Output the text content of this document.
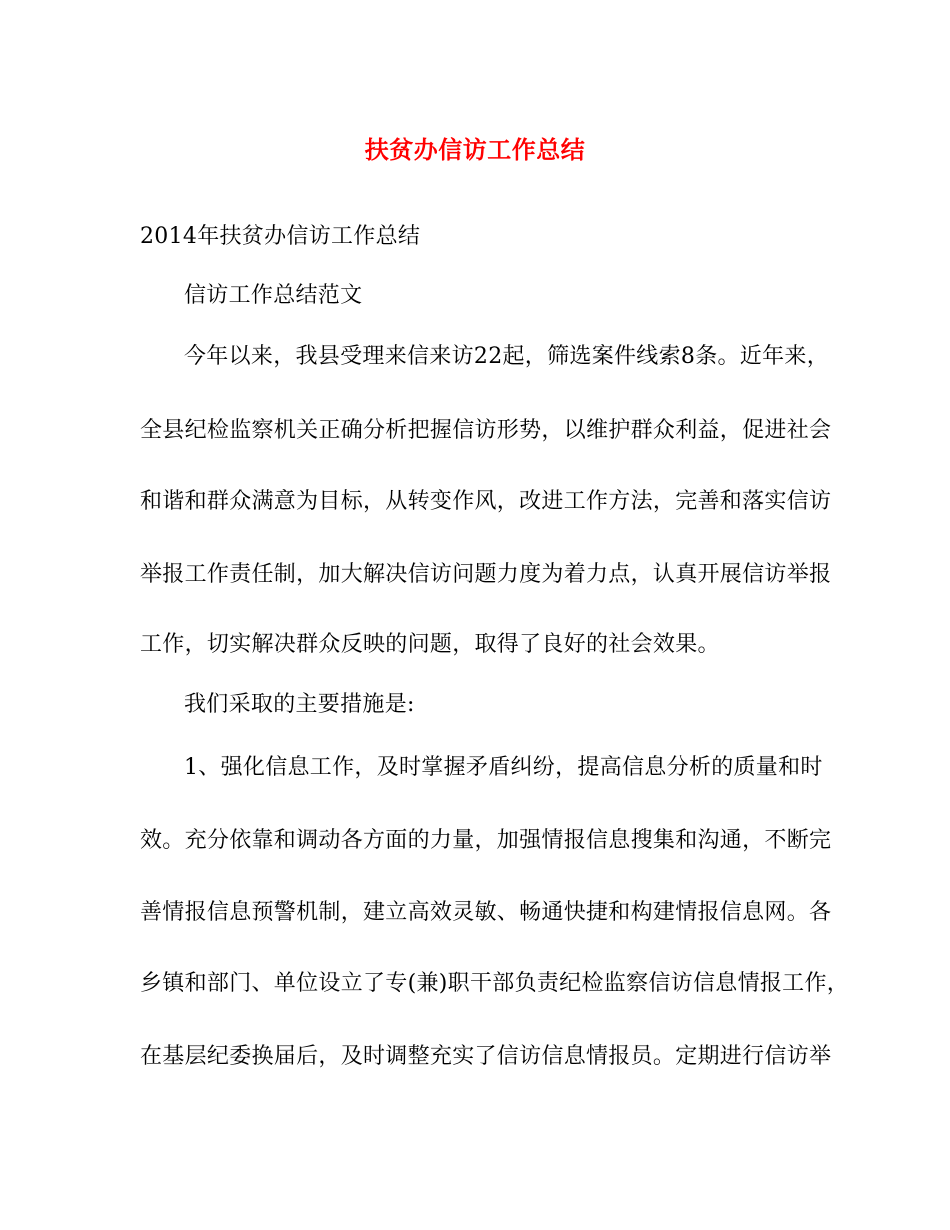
扶贫办信访工作总结
2014年扶贫办信访工作总结
信访工作总结范文
今年以来，我县受理来信来访22起，筛选案件线索8条。近年来，
全县纪检监察机关正确分析把握信访形势，以维护群众利益，促进社会
和谐和群众满意为目标，从转变作风，改进工作方法，完善和落实信访
举报工作责任制，加大解决信访问题力度为着力点，认真开展信访举报
工作，切实解决群众反映的问题，取得了良好的社会效果。
我们采取的主要措施是:
1、强化信息工作，及时掌握矛盾纠纷，提高信息分析的质量和时
效。充分依靠和调动各方面的力量，加强情报信息搜集和沟通，不断完
善情报信息预警机制，建立高效灵敏、畅通快捷和构建情报信息网。各
乡镇和部门、单位设立了专(兼)职干部负责纪检监察信访信息情报工作，
在基层纪委换届后，及时调整充实了信访信息情报员。定期进行信访举
